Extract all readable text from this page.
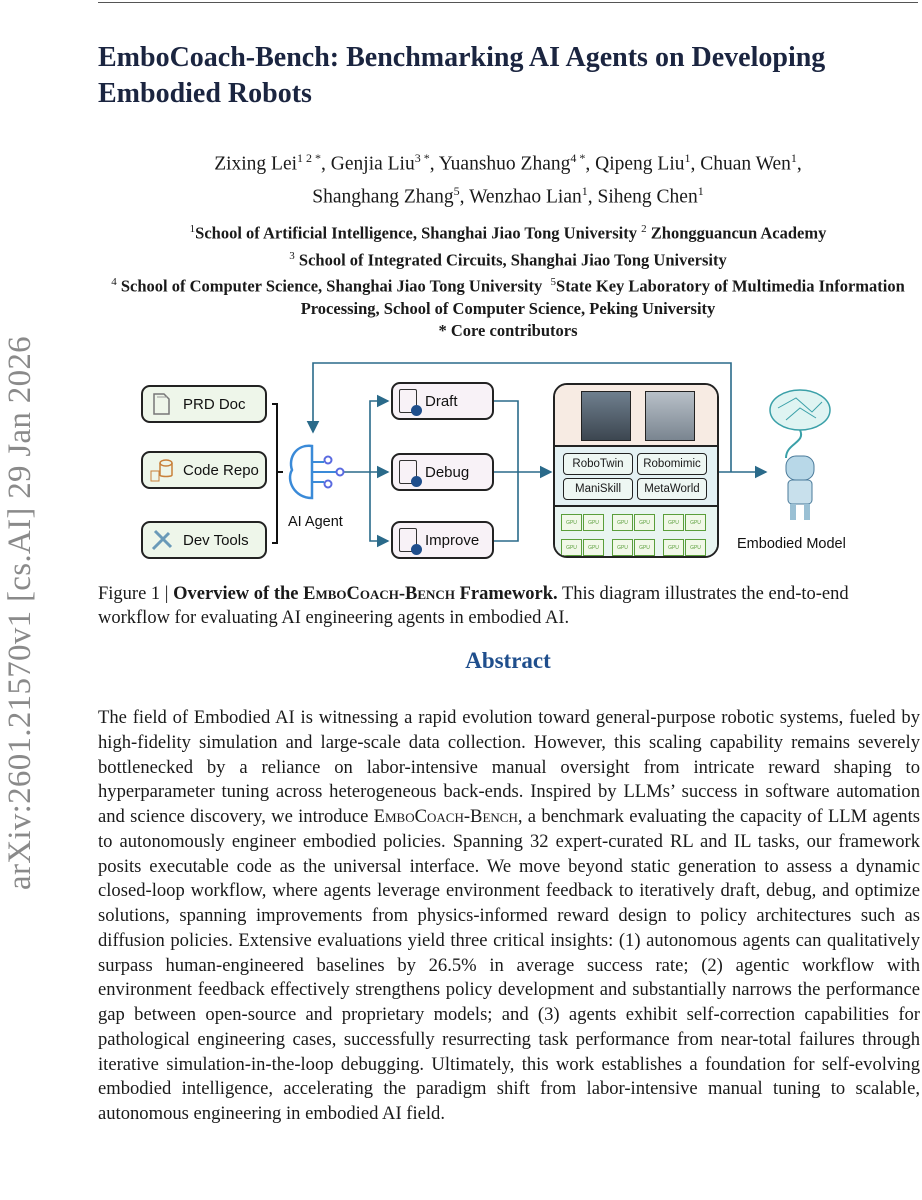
arXiv:2601.21570v1 [cs.AI] 29 Jan 2026
EmboCoach-Bench: Benchmarking AI Agents on Developing Embodied Robots
Zixing Lei$^{1 2 *}$, Genjia Liu$^{3 *}$, Yuanshuo Zhang$^{4 *}$, Qipeng Liu$^1$, Chuan Wen$^1$,
Shanghang Zhang$^5$, Wenzhao Lian$^1$, Siheng Chen$^1$
$^1$School of Artificial Intelligence, Shanghai Jiao Tong University $^2$ Zhongguancun Academy
$^3$ School of Integrated Circuits, Shanghai Jiao Tong University
$^4$ School of Computer Science, Shanghai Jiao Tong University $^5$State Key Laboratory of Multimedia Information Processing, School of Computer Science, Peking University
* Core contributors
PRD Doc
Code Repo
Dev Tools
AI Agent
Draft
Debug
Improve
RoboTwin	Robomimic
ManiSkill	MetaWorld
GPU
GPU
GPU
GPU
GPU
GPU
GPU
GPU
GPU
GPU
GPU
GPU	Embodied Model
Figure 1 | Overview of the EmboCoach-Bench Framework. This diagram illustrates the end-to-end workflow for evaluating AI engineering agents in embodied AI.
Abstract
The field of Embodied AI is witnessing a rapid evolution toward general-purpose robotic systems, fueled by high-fidelity simulation and large-scale data collection. However, this scaling capability remains severely bottlenecked by a reliance on labor-intensive manual oversight from intricate reward shaping to hyperparameter tuning across heterogeneous back-ends. Inspired by LLMs’ success in software automation and science discovery, we introduce EmboCoach-Bench, a benchmark evaluating the capacity of LLM agents to autonomously engineer embodied policies. Spanning 32 expert-curated RL and IL tasks, our framework posits executable code as the universal interface. We move beyond static generation to assess a dynamic closed-loop workflow, where agents leverage environment feedback to iteratively draft, debug, and optimize solutions, spanning improvements from physics-informed reward design to policy architectures such as diffusion policies. Extensive evaluations yield three critical insights: (1) autonomous agents can qualitatively surpass human-engineered baselines by 26.5% in average success rate; (2) agentic workflow with environment feedback effectively strengthens policy development and substantially narrows the performance gap between open-source and proprietary models; and (3) agents exhibit self-correction capabilities for pathological engineering cases, successfully resurrecting task performance from near-total failures through iterative simulation-in-the-loop debugging. Ultimately, this work establishes a foundation for self-evolving embodied intelligence, accelerating the paradigm shift from labor-intensive manual tuning to scalable, autonomous engineering in embodied AI field.
